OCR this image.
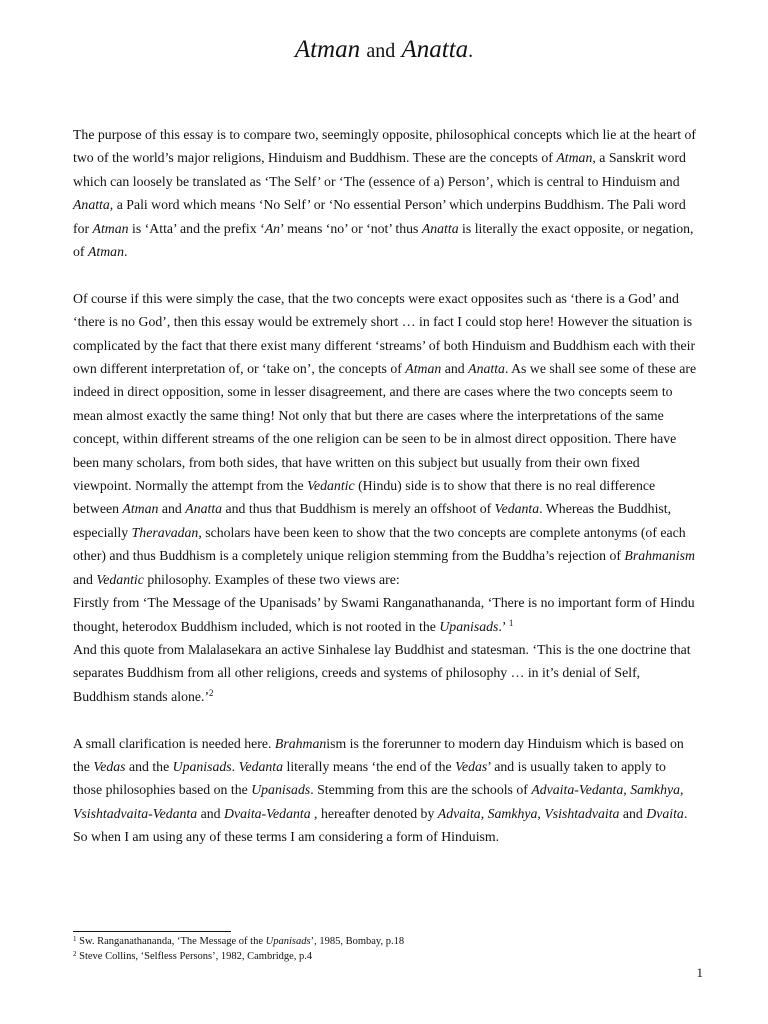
Atman and Anatta.

The purpose of this essay is to compare two, seemingly opposite, philosophical concepts which lie at the heart of two of the world’s major religions, Hinduism and Buddhism. These are the concepts of Atman, a Sanskrit word which can loosely be translated as ‘The Self’ or ‘The (essence of a) Person’, which is central to Hinduism and Anatta, a Pali word which means ‘No Self’ or ‘No essential Person’ which underpins Buddhism. The Pali word for Atman is ‘Atta’ and the prefix ‘An’ means ‘no’ or ‘not’ thus Anatta is literally the exact opposite, or negation, of Atman.

Of course if this were simply the case, that the two concepts were exact opposites such as ‘there is a God’ and ‘there is no God’, then this essay would be extremely short … in fact I could stop here! However the situation is complicated by the fact that there exist many different ‘streams’ of both Hinduism and Buddhism each with their own different interpretation of, or ‘take on’, the concepts of Atman and Anatta. As we shall see some of these are indeed in direct opposition, some in lesser disagreement, and there are cases where the two concepts seem to mean almost exactly the same thing! Not only that but there are cases where the interpretations of the same concept, within different streams of the one religion can be seen to be in almost direct opposition. There have been many scholars, from both sides, that have written on this subject but usually from their own fixed viewpoint. Normally the attempt from the Vedantic (Hindu) side is to show that there is no real difference between Atman and Anatta and thus that Buddhism is merely an offshoot of Vedanta. Whereas the Buddhist, especially Theravadan, scholars have been keen to show that the two concepts are complete antonyms (of each other) and thus Buddhism is a completely unique religion stemming from the Buddha’s rejection of Brahmanism and Vedantic philosophy. Examples of these two views are:

Firstly from ‘The Message of the Upanisads’ by Swami Ranganathananda, ‘There is no important form of Hindu thought, heterodox Buddhism included, which is not rooted in the Upanisads.’ $^1$

And this quote from Malalasekara an active Sinhalese lay Buddhist and statesman. ‘This is the one doctrine that separates Buddhism from all other religions, creeds and systems of philosophy … in it’s denial of Self, Buddhism stands alone.’$^2$

A small clarification is needed here. Brahmanism is the forerunner to modern day Hinduism which is based on the Vedas and the Upanisads. Vedanta literally means ‘the end of the Vedas’ and is usually taken to apply to those philosophies based on the Upanisads. Stemming from this are the schools of Advaita-Vedanta, Samkhya, Vsishtadvaita-Vedanta and Dvaita-Vedanta , hereafter denoted by Advaita, Samkhya, Vsishtadvaita and Dvaita. So when I am using any of these terms I am considering a form of Hinduism.

$^1$ Sw. Ranganathananda, ‘The Message of the Upanisads’, 1985, Bombay, p.18
$^2$ Steve Collins, ‘Selfless Persons’, 1982, Cambridge, p.4
1
